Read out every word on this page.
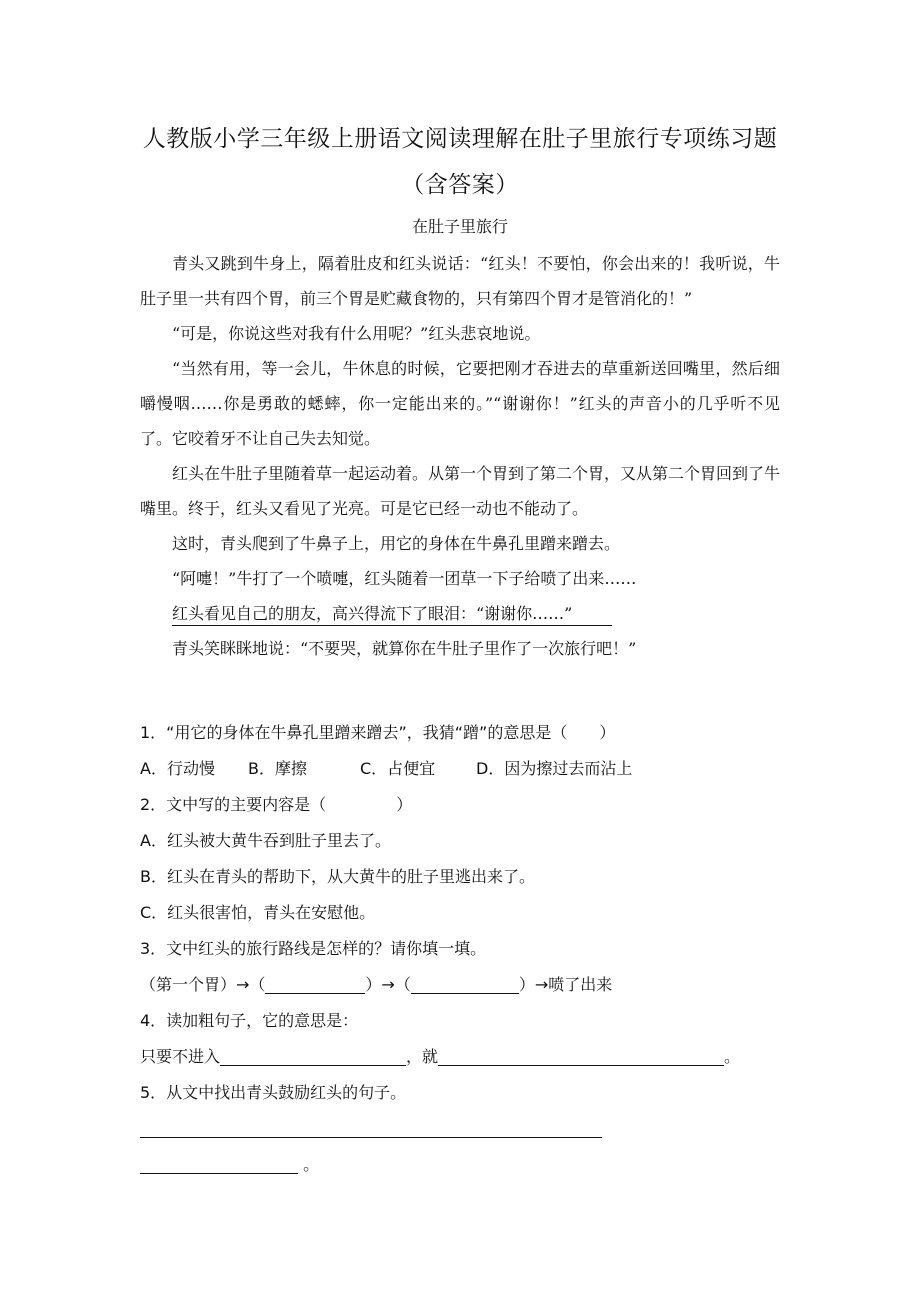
人教版小学三年级上册语文阅读理解在肚子里旅行专项练习题（含答案）
在肚子里旅行

青头又跳到牛身上，隔着肚皮和红头说话：“红头！不要怕，你会出来的！我听说，牛肚子里一共有四个胃，前三个胃是贮藏食物的，只有第四个胃才是管消化的！”

“可是，你说这些对我有什么用呢？”红头悲哀地说。

“当然有用，等一会儿，牛休息的时候，它要把刚才吞进去的草重新送回嘴里，然后细嚼慢咽……你是勇敢的蟋蟀，你一定能出来的。”“谢谢你！”红头的声音小的几乎听不见了。它咬着牙不让自己失去知觉。

红头在牛肚子里随着草一起运动着。从第一个胃到了第二个胃，又从第二个胃回到了牛嘴里。终于，红头又看见了光亮。可是它已经一动也不能动了。

这时，青头爬到了牛鼻子上，用它的身体在牛鼻孔里蹭来蹭去。

“阿嚏！”牛打了一个喷嚏，红头随着一团草一下子给喷了出来……

红头看见自己的朋友，高兴得流下了眼泪：“谢谢你……”

青头笑眯眯地说：“不要哭，就算你在牛肚子里作了一次旅行吧！”

1．“用它的身体在牛鼻孔里蹭来蹭去”，我猜“蹭”的意思是（　　）
A．行动慢 B．摩擦	C．占便宜	D．因为擦过去而沾上
2．文中写的主要内容是（	）
A．红头被大黄牛吞到肚子里去了。
B．红头在青头的帮助下，从大黄牛的肚子里逃出来了。
C．红头很害怕，青头在安慰他。
3．文中红头的旅行路线是怎样的？请你填一填。
（第一个胃）→（	）→（	）→喷了出来
4．读加粗句子，它的意思是：
只要不进入	，就	。
5．从文中找出青头鼓励红头的句子。
。
